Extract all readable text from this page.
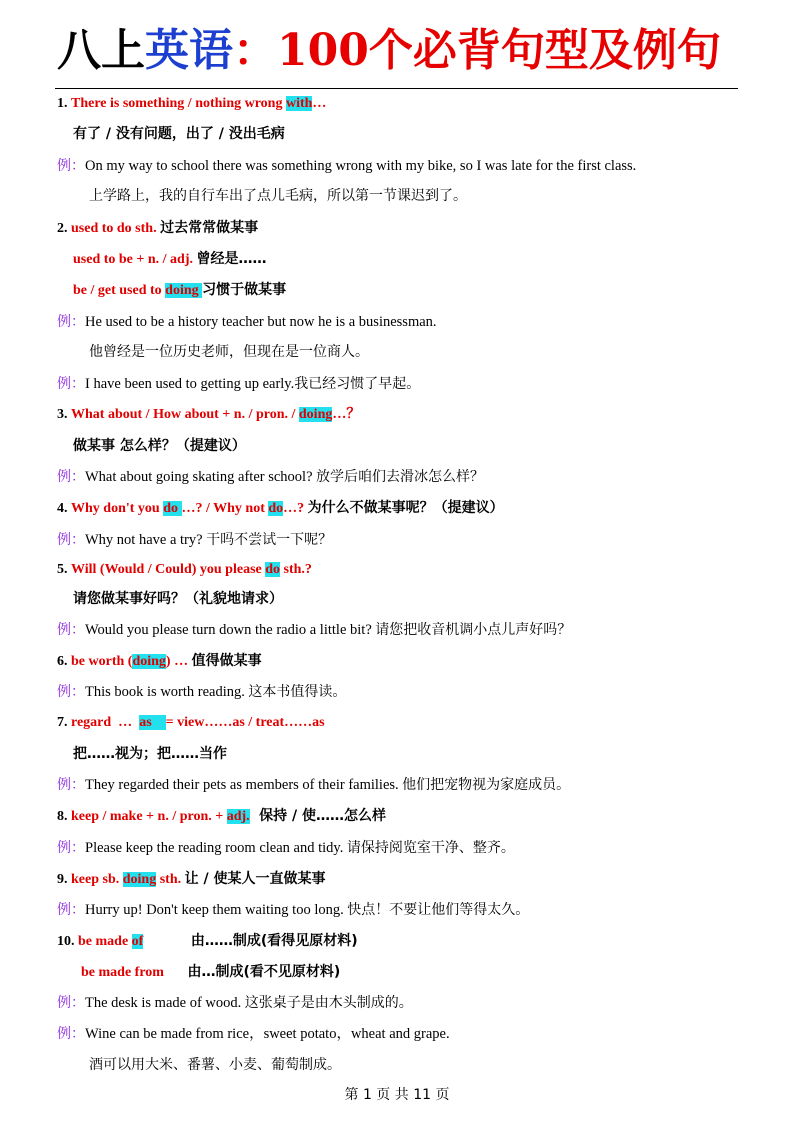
八上英语：100个必背句型及例句
1. There is something / nothing wrong with…
有了 / 没有问题，出了 / 没出毛病
例：On my way to school there was something wrong with my bike, so I was late for the first class.
上学路上，我的自行车出了点儿毛病，所以第一节课迟到了。
2. used to do sth. 过去常常做某事
used to be + n. / adj. 曾经是……
be / get used to doing 习惯于做某事
例：He used to be a history teacher but now he is a businessman.
他曾经是一位历史老师，但现在是一位商人。
例：I have been used to getting up early.我已经习惯了早起。
3. What about / How about + n. / pron. / doing…？
做某事 怎么样？（提建议）
例：What about going skating after school? 放学后咱们去滑冰怎么样？
4. Why don't you do …? / Why not do…? 为什么不做某事呢？（提建议）
例：Why not have a try? 干吗不尝试一下呢？
5. Will (Would / Could) you please do sth.?
请您做某事好吗？（礼貌地请求）
例：Would you please turn down the radio a little bit? 请您把收音机调小点儿声好吗？
6. be worth (doing) … 值得做某事
例：This book is worth reading. 这本书值得读。
7. regard  …  as    = view……as / treat……as
把……视为；把……当作
例：They regarded their pets as members of their families. 他们把宠物视为家庭成员。
8. keep / make + n. / pron. + adj. 保持 / 使……怎么样
例：Please keep the reading room clean and tidy. 请保持阅览室干净、整齐。
9. keep sb. doing sth. 让 / 使某人一直做某事
例：Hurry up! Don't keep them waiting too long. 快点！不要让他们等得太久。
10. be made of	由……制成(看得见原材料)
be made from 由…制成(看不见原材料)
例：The desk is made of wood. 这张桌子是由木头制成的。
例：Wine can be made from rice，sweet potato，wheat and grape.
酒可以用大米、番薯、小麦、葡萄制成。
第 1 页 共 11 页
